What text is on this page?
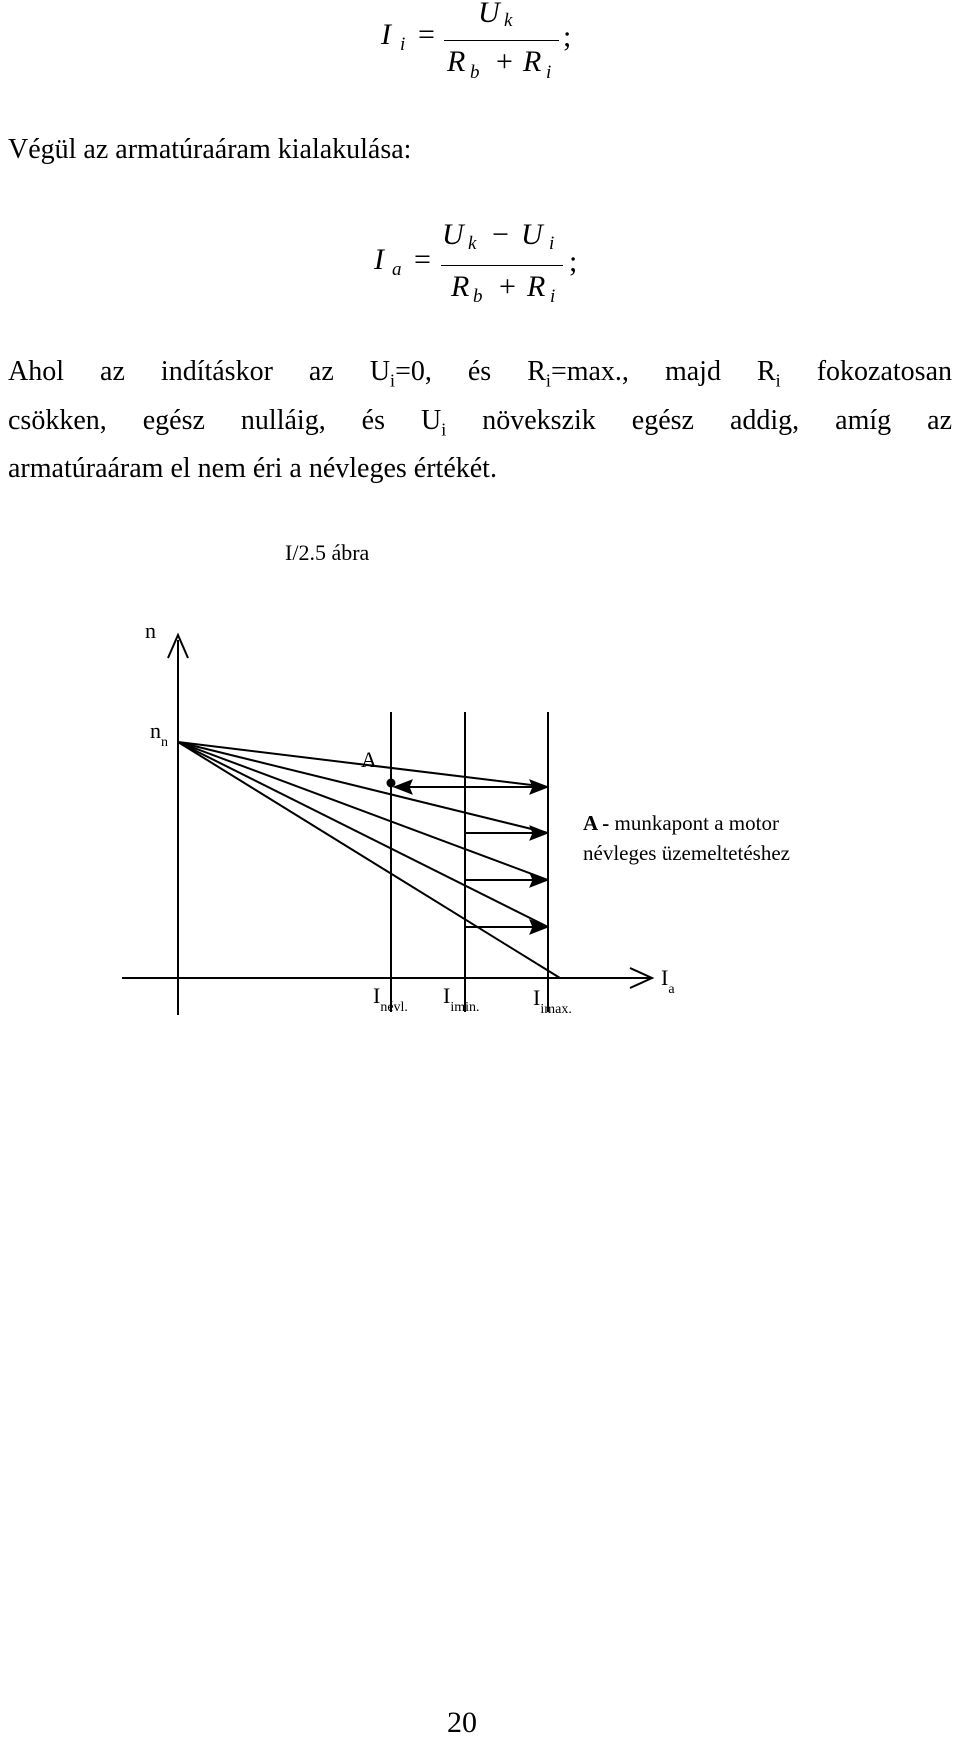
I i =
U k
R b + R i
;
Végül az armatúraáram kialakulása:
I a =
U k − U i
R b + R i
;
Ahol az indításkor az $U_i=0$, és $R_i=\max$., majd $R_i$ fokozatosan
csökken, egész nulláig, és $U_i$ növekszik egész addig, amíg az
armatúraáram el nem éri a névleges értékét.
I/2.5 ábra
n
$n_n$
A
$I_a$
$I_{névl.}$ $I_{imin.}$ $I_{imax.}$
A - munkapont a motor
névleges üzemeltetéshez
20
